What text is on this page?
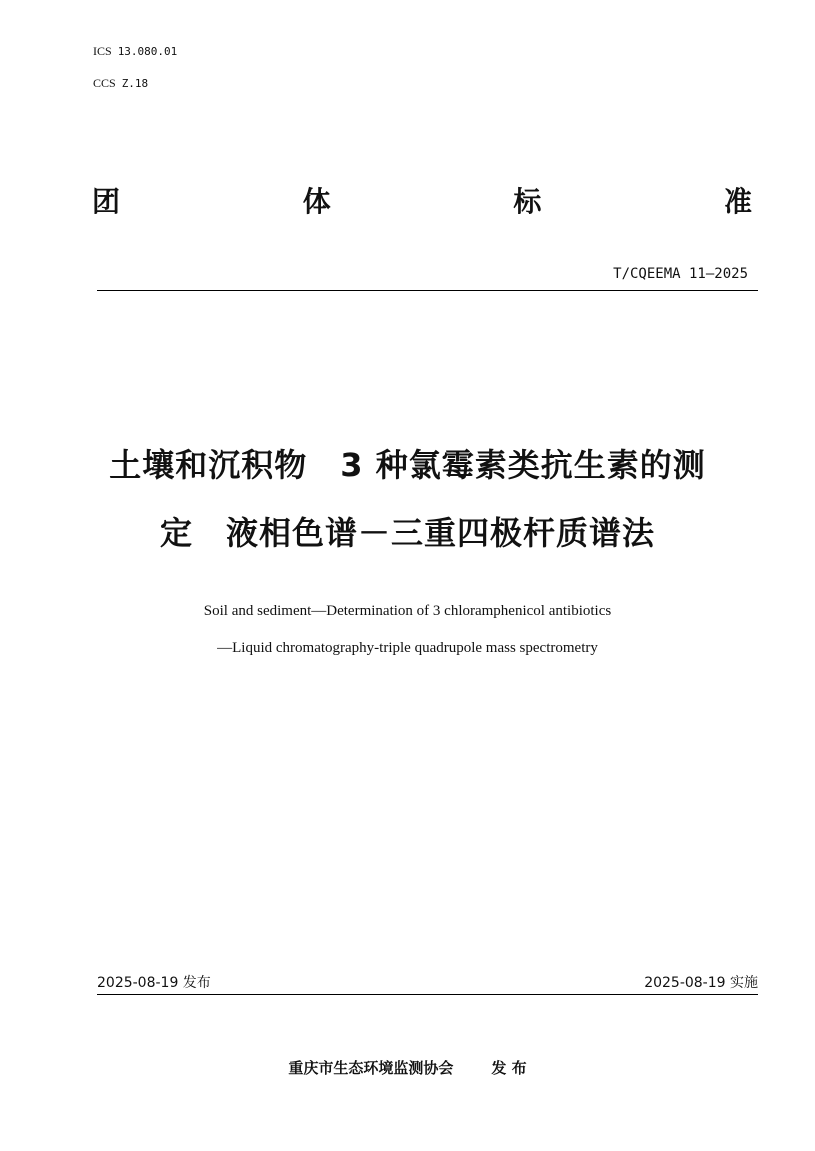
ICS 13.080.01
CCS Z.18
团	体	标	准
T/CQEEMA 11—2025
土壤和沉积物　3 种氯霉素类抗生素的测
定　液相色谱－三重四极杆质谱法
Soil and sediment—Determination of 3 chloramphenicol antibiotics
—Liquid chromatography-triple quadrupole mass spectrometry
2025-08-19 发布	2025-08-19 实施
重庆市生态环境监测协会	发 布
